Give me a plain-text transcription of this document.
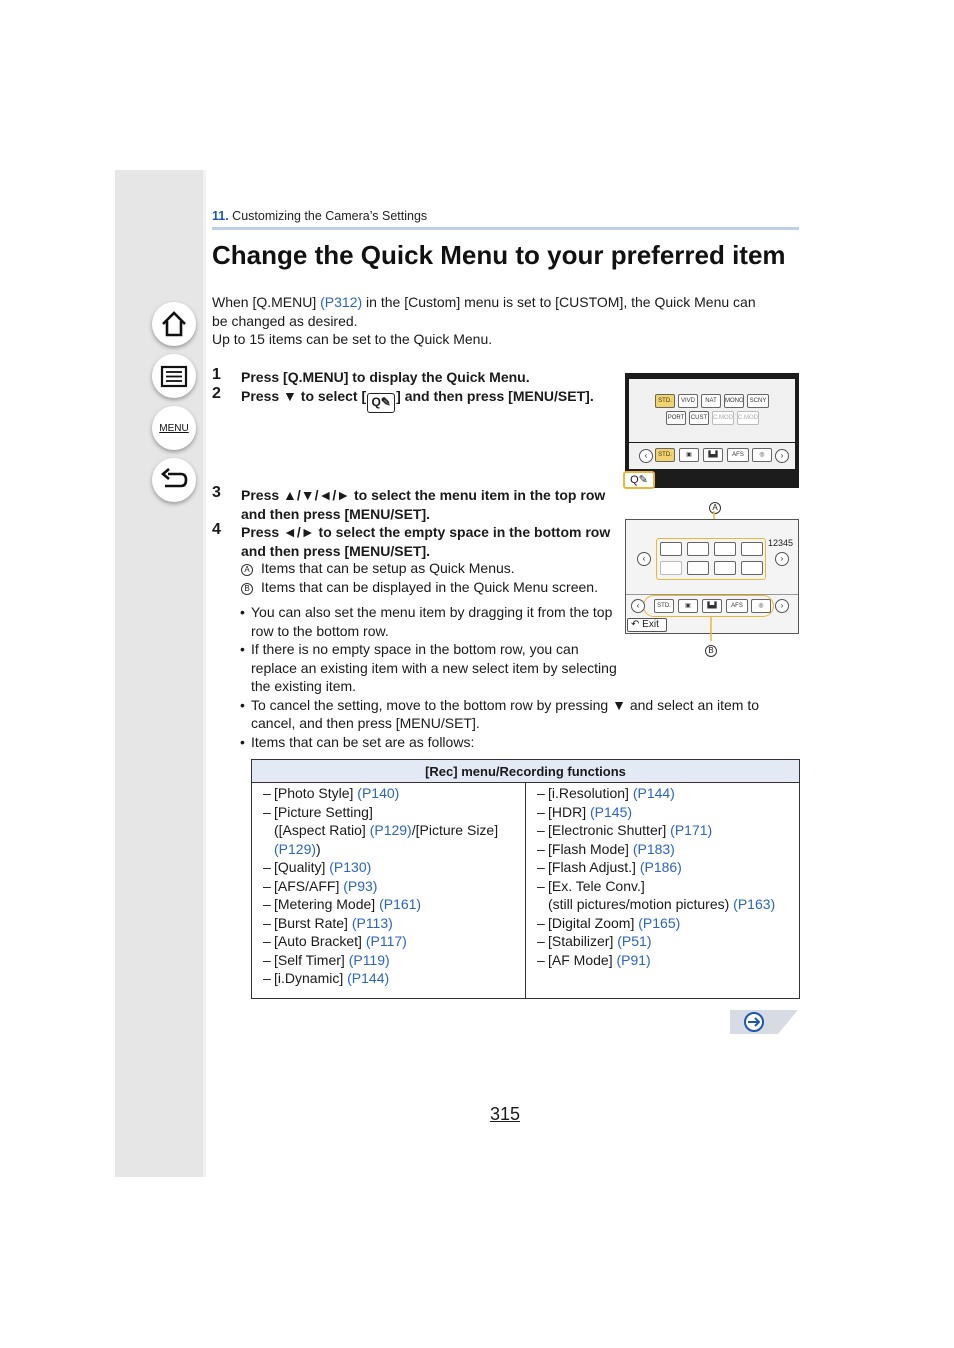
MENU
11. Customizing the Camera’s Settings
Change the Quick Menu to your preferred item
When [Q.MENU] (P312) in the [Custom] menu is set to [CUSTOM], the Quick Menu can
be changed as desired.
Up to 15 items can be set to the Quick Menu.
1 Press [Q.MENU] to display the Quick Menu.
2 Press ▼ to select [ Q✎ ] and then press [MENU/SET].
3 Press ▲/▼/◄/► to select the menu item in the top row and then press [MENU/SET].
4 Press ◄/► to select the empty space in the bottom row and then press [MENU/SET].
A Items that can be setup as Quick Menus.
B Items that can be displayed in the Quick Menu screen.
• You can also set the menu item by dragging it from the top row to the bottom row.
• If there is no empty space in the bottom row, you can replace an existing item with a new select item by selecting the existing item.
• To cancel the setting, move to the bottom row by pressing ▼ and select an item to cancel, and then press [MENU/SET].
• Items that can be set are as follows:
STD.	VIVD	NAT	MONO SCNY
PORT	CUST C.MOD C.MOD
‹	STD.	▣	▙▟	AFS	◎	›
Q✎
A
‹
12345
›
‹	STD.	▣	▙▟	AFS	◎	›
↶ Exit
B
[Rec] menu/Recording functions

– [Photo Style] (P140)
– [Picture Setting]
([Aspect Ratio] (P129)/[Picture Size]
(P129))
– [Quality] (P130)
– [AFS/AFF] (P93)
– [Metering Mode] (P161)
– [Burst Rate] (P113)
– [Auto Bracket] (P117)
– [Self Timer] (P119)
– [i.Dynamic] (P144)

– [i.Resolution] (P144)
– [HDR] (P145)
– [Electronic Shutter] (P171)
– [Flash Mode] (P183)
– [Flash Adjust.] (P186)
– [Ex. Tele Conv.]
(still pictures/motion pictures) (P163)
– [Digital Zoom] (P165)
– [Stabilizer] (P51)
– [AF Mode] (P91)
315
